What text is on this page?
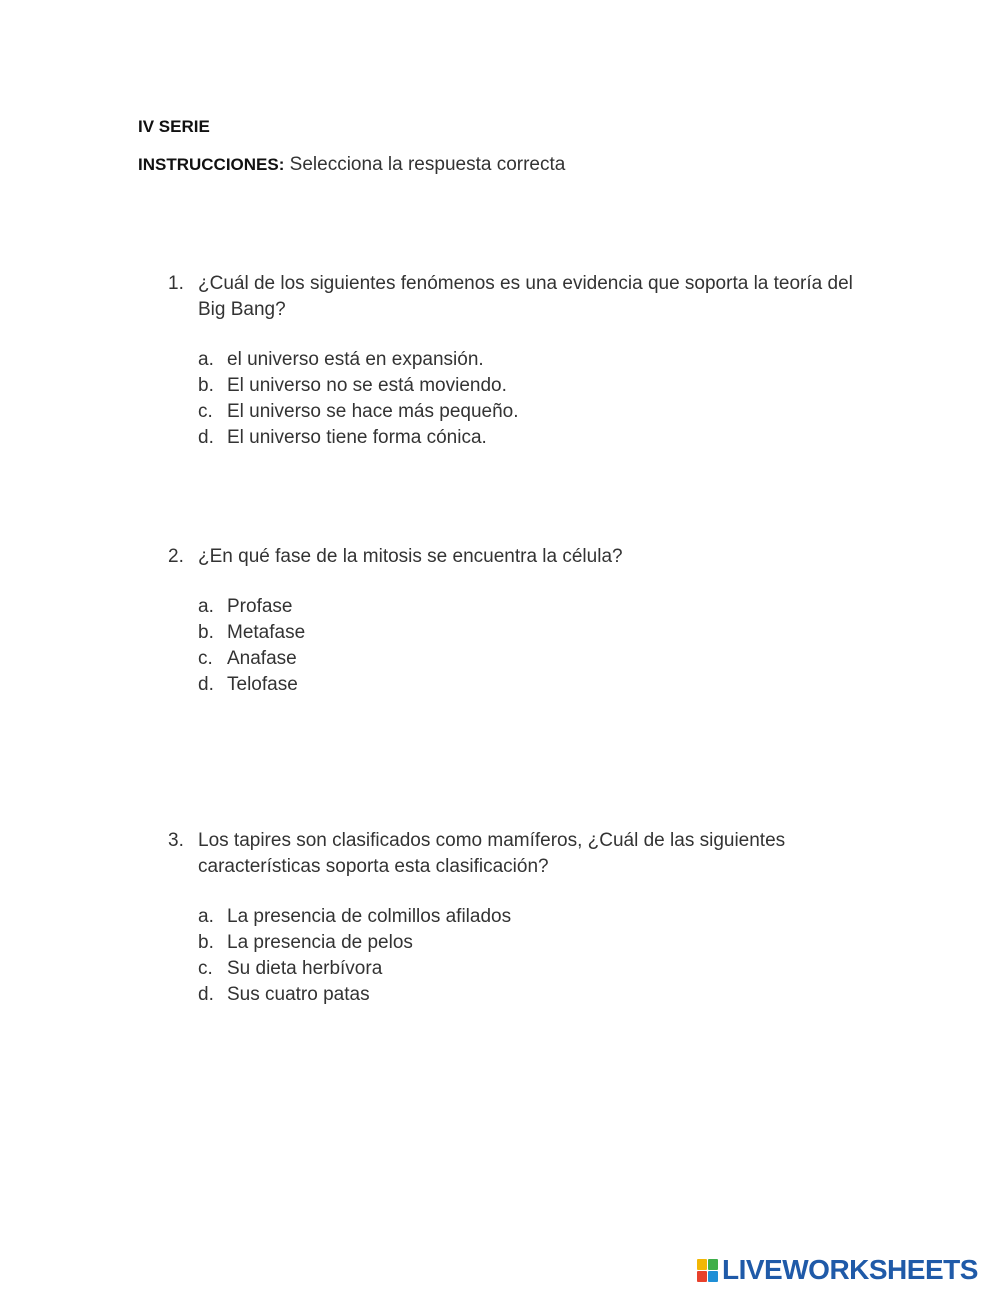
IV SERIE
INSTRUCCIONES: Selecciona la respuesta correcta
1. ¿Cuál de los siguientes fenómenos es una evidencia que soporta la teoría del Big Bang?
a. el universo está en expansión.
b. El universo no se está moviendo.
c. El universo se hace más pequeño.
d. El universo tiene forma cónica.
2. ¿En qué fase de la mitosis se encuentra la célula?
a. Profase
b. Metafase
c. Anafase
d. Telofase
3. Los tapires son clasificados como mamíferos, ¿Cuál de las siguientes características soporta esta clasificación?
a. La presencia de colmillos afilados
b. La presencia de pelos
c. Su dieta herbívora
d. Sus cuatro patas
LIVEWORKSHEETS
